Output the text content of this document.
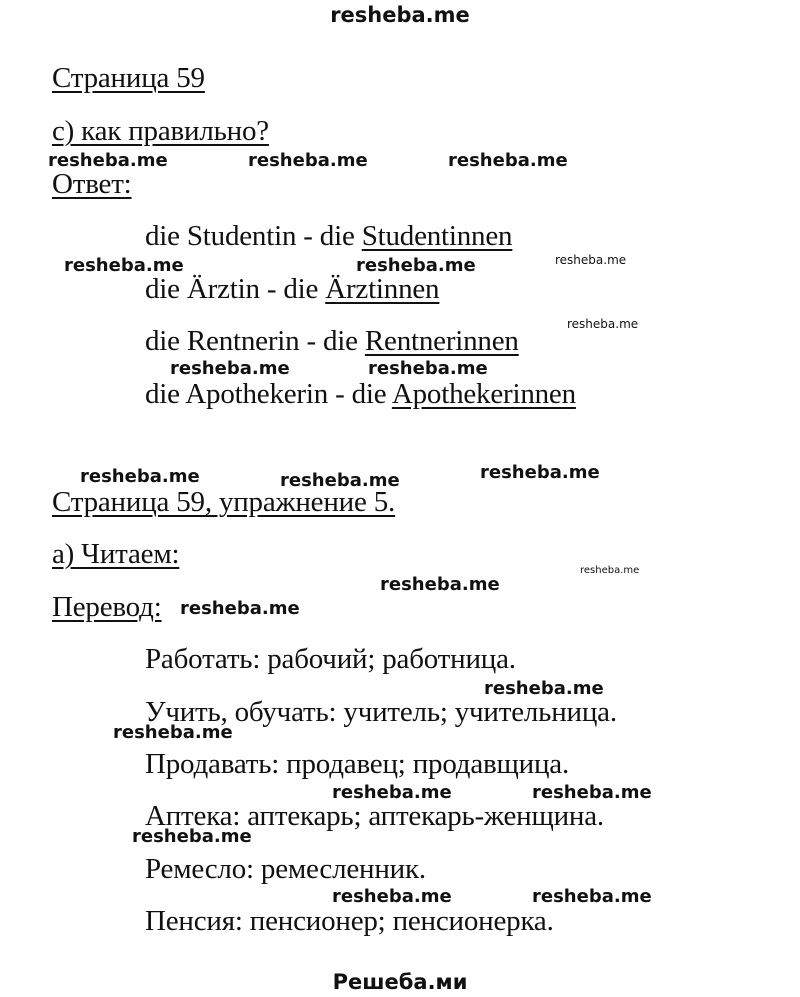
resheba.me
Страница 59
c) как правильно?
Ответ:
die Studentin - die Studentinnen
die Ärztin - die Ärztinnen
die Rentnerin - die Rentnerinnen
die Apothekerin - die Apothekerinnen
Страница 59, упражнение 5.
a) Читаем:
Перевод:
Работать: рабочий; работница.
Учить, обучать: учитель; учительница.
Продавать: продавец; продавщица.
Аптека: аптекарь; аптекарь-женщина.
Ремесло: ремесленник.
Пенсия: пенсионер; пенсионерка.
Решеба.ми
resheba.me	resheba.me	resheba.me
resheba.me	resheba.me	resheba.me
resheba.me
resheba.me	resheba.me
resheba.me	resheba.me	resheba.me
resheba.me
resheba.me
resheba.me
resheba.me
resheba.me
resheba.me	resheba.me
resheba.me
resheba.me	resheba.me
